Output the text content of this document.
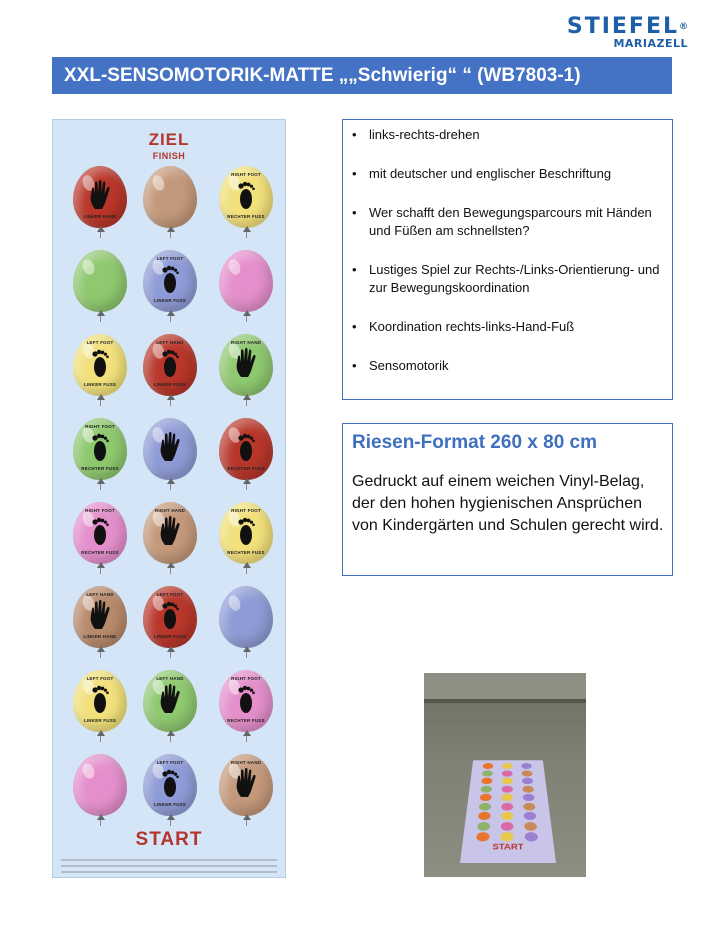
STIEFEL®
MARIAZELL
XXL-SENSOMOTORIK-MATTE „„Schwierig“ “ (WB7803-1)
ZIEL
FINISH
START
LINKER HAND
RIGHT FOOT
RECHTER FUSS
LEFT FOOT
LINKER FUSS
LEFT FOOT
LINKER FUSS
LEFT HAND
LINKER FUSS
RIGHT HAND
RIGHT FOOT
RECHTER FUSS	RECHTER FUSS
RIGHT FOOT
RECHTER FUSS
RIGHT HAND	RIGHT FOOT
RECHTER FUSS
LEFT HAND
LINKER HAND
LEFT FOOT
LINKER FUSS
LEFT FOOT
LINKER FUSS
LEFT HAND	RIGHT FOOT
RECHTER FUSS
LEFT FOOT
LINKER FUSS
RIGHT HAND
• links-rechts-drehen
• mit deutscher und englischer Beschriftung
• Wer schafft den Bewegungsparcours mit Händen und Füßen am schnellsten?
• Lustiges Spiel zur Rechts-/Links-Orientierung- und zur Bewegungskoordination
• Koordination rechts-links-Hand-Fuß
• Sensomotorik
Riesen-Format 260 x 80 cm
Gedruckt auf einem weichen Vinyl-Belag, der den hohen hygienischen Ansprüchen von Kindergärten und Schulen gerecht wird.
START
